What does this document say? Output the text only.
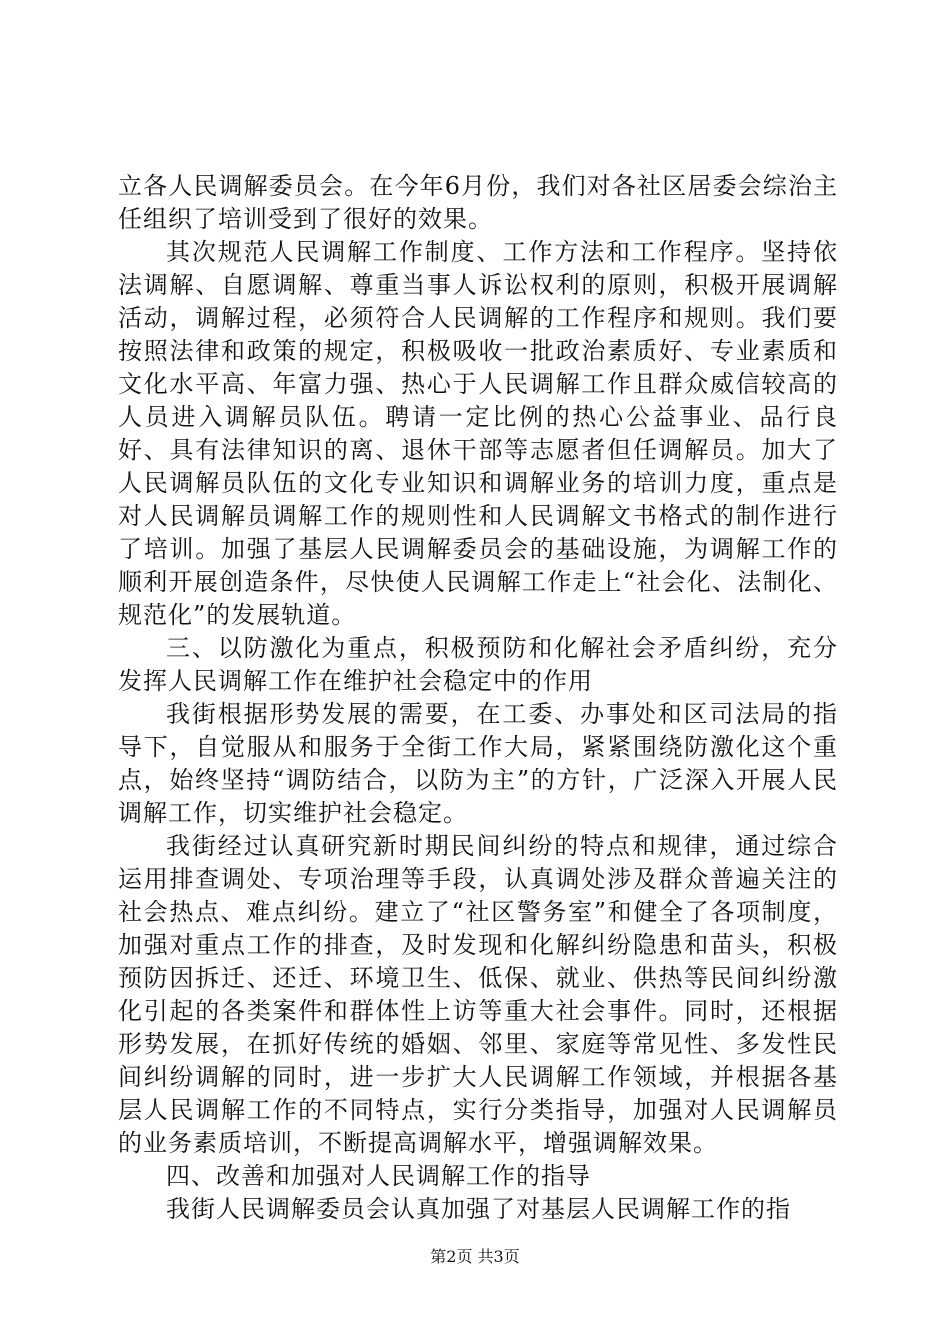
立各人民调解委员会。在今年6月份，我们对各社区居委会综治主任组织了培训受到了很好的效果。

其次规范人民调解工作制度、工作方法和工作程序。坚持依法调解、自愿调解、尊重当事人诉讼权利的原则，积极开展调解活动，调解过程，必须符合人民调解的工作程序和规则。我们要按照法律和政策的规定，积极吸收一批政治素质好、专业素质和文化水平高、年富力强、热心于人民调解工作且群众威信较高的人员进入调解员队伍。聘请一定比例的热心公益事业、品行良好、具有法律知识的离、退休干部等志愿者但任调解员。加大了人民调解员队伍的文化专业知识和调解业务的培训力度，重点是对人民调解员调解工作的规则性和人民调解文书格式的制作进行了培训。加强了基层人民调解委员会的基础设施，为调解工作的顺利开展创造条件，尽快使人民调解工作走上“社会化、法制化、规范化”的发展轨道。

三、以防激化为重点，积极预防和化解社会矛盾纠纷，充分发挥人民调解工作在维护社会稳定中的作用

我街根据形势发展的需要，在工委、办事处和区司法局的指导下，自觉服从和服务于全街工作大局，紧紧围绕防激化这个重点，始终坚持“调防结合，以防为主”的方针，广泛深入开展人民调解工作，切实维护社会稳定。

我街经过认真研究新时期民间纠纷的特点和规律，通过综合运用排查调处、专项治理等手段，认真调处涉及群众普遍关注的社会热点、难点纠纷。建立了“社区警务室”和健全了各项制度，加强对重点工作的排查，及时发现和化解纠纷隐患和苗头，积极预防因拆迁、还迁、环境卫生、低保、就业、供热等民间纠纷激化引起的各类案件和群体性上访等重大社会事件。同时，还根据形势发展，在抓好传统的婚姻、邻里、家庭等常见性、多发性民间纠纷调解的同时，进一步扩大人民调解工作领域，并根据各基层人民调解工作的不同特点，实行分类指导，加强对人民调解员的业务素质培训，不断提高调解水平，增强调解效果。

四、改善和加强对人民调解工作的指导

我街人民调解委员会认真加强了对基层人民调解工作的指

第2页 共3页
